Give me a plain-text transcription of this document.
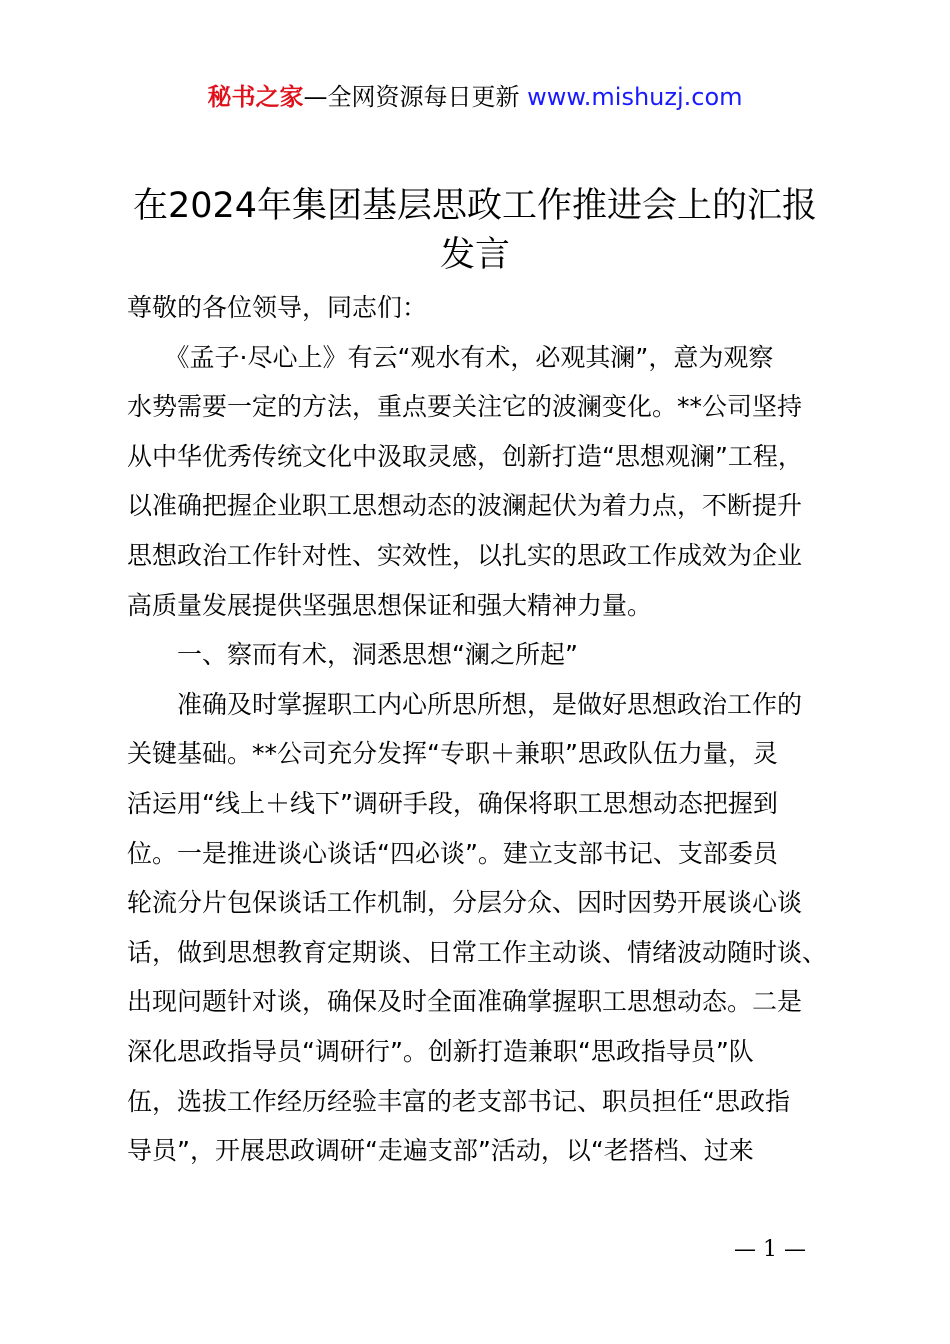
秘书之家—全网资源每日更新 www.mishuzj.com
在2024年集团基层思政工作推进会上的汇报
发言
尊敬的各位领导，同志们：
　　《孟子·尽心上》有云“观水有术，必观其澜”，意为观察
水势需要一定的方法，重点要关注它的波澜变化。**公司坚持
从中华优秀传统文化中汲取灵感，创新打造“思想观澜”工程，
以准确把握企业职工思想动态的波澜起伏为着力点，不断提升
思想政治工作针对性、实效性，以扎实的思政工作成效为企业
高质量发展提供坚强思想保证和强大精神力量。
　　一、察而有术，洞悉思想“澜之所起”
　　准确及时掌握职工内心所思所想，是做好思想政治工作的
关键基础。**公司充分发挥“专职＋兼职”思政队伍力量，灵
活运用“线上＋线下”调研手段，确保将职工思想动态把握到
位。一是推进谈心谈话“四必谈”。建立支部书记、支部委员
轮流分片包保谈话工作机制，分层分众、因时因势开展谈心谈
话，做到思想教育定期谈、日常工作主动谈、情绪波动随时谈、
出现问题针对谈，确保及时全面准确掌握职工思想动态。二是
深化思政指导员“调研行”。创新打造兼职“思政指导员”队
伍，选拔工作经历经验丰富的老支部书记、职员担任“思政指
导员”，开展思政调研“走遍支部”活动，以“老搭档、过来
— 1 —
